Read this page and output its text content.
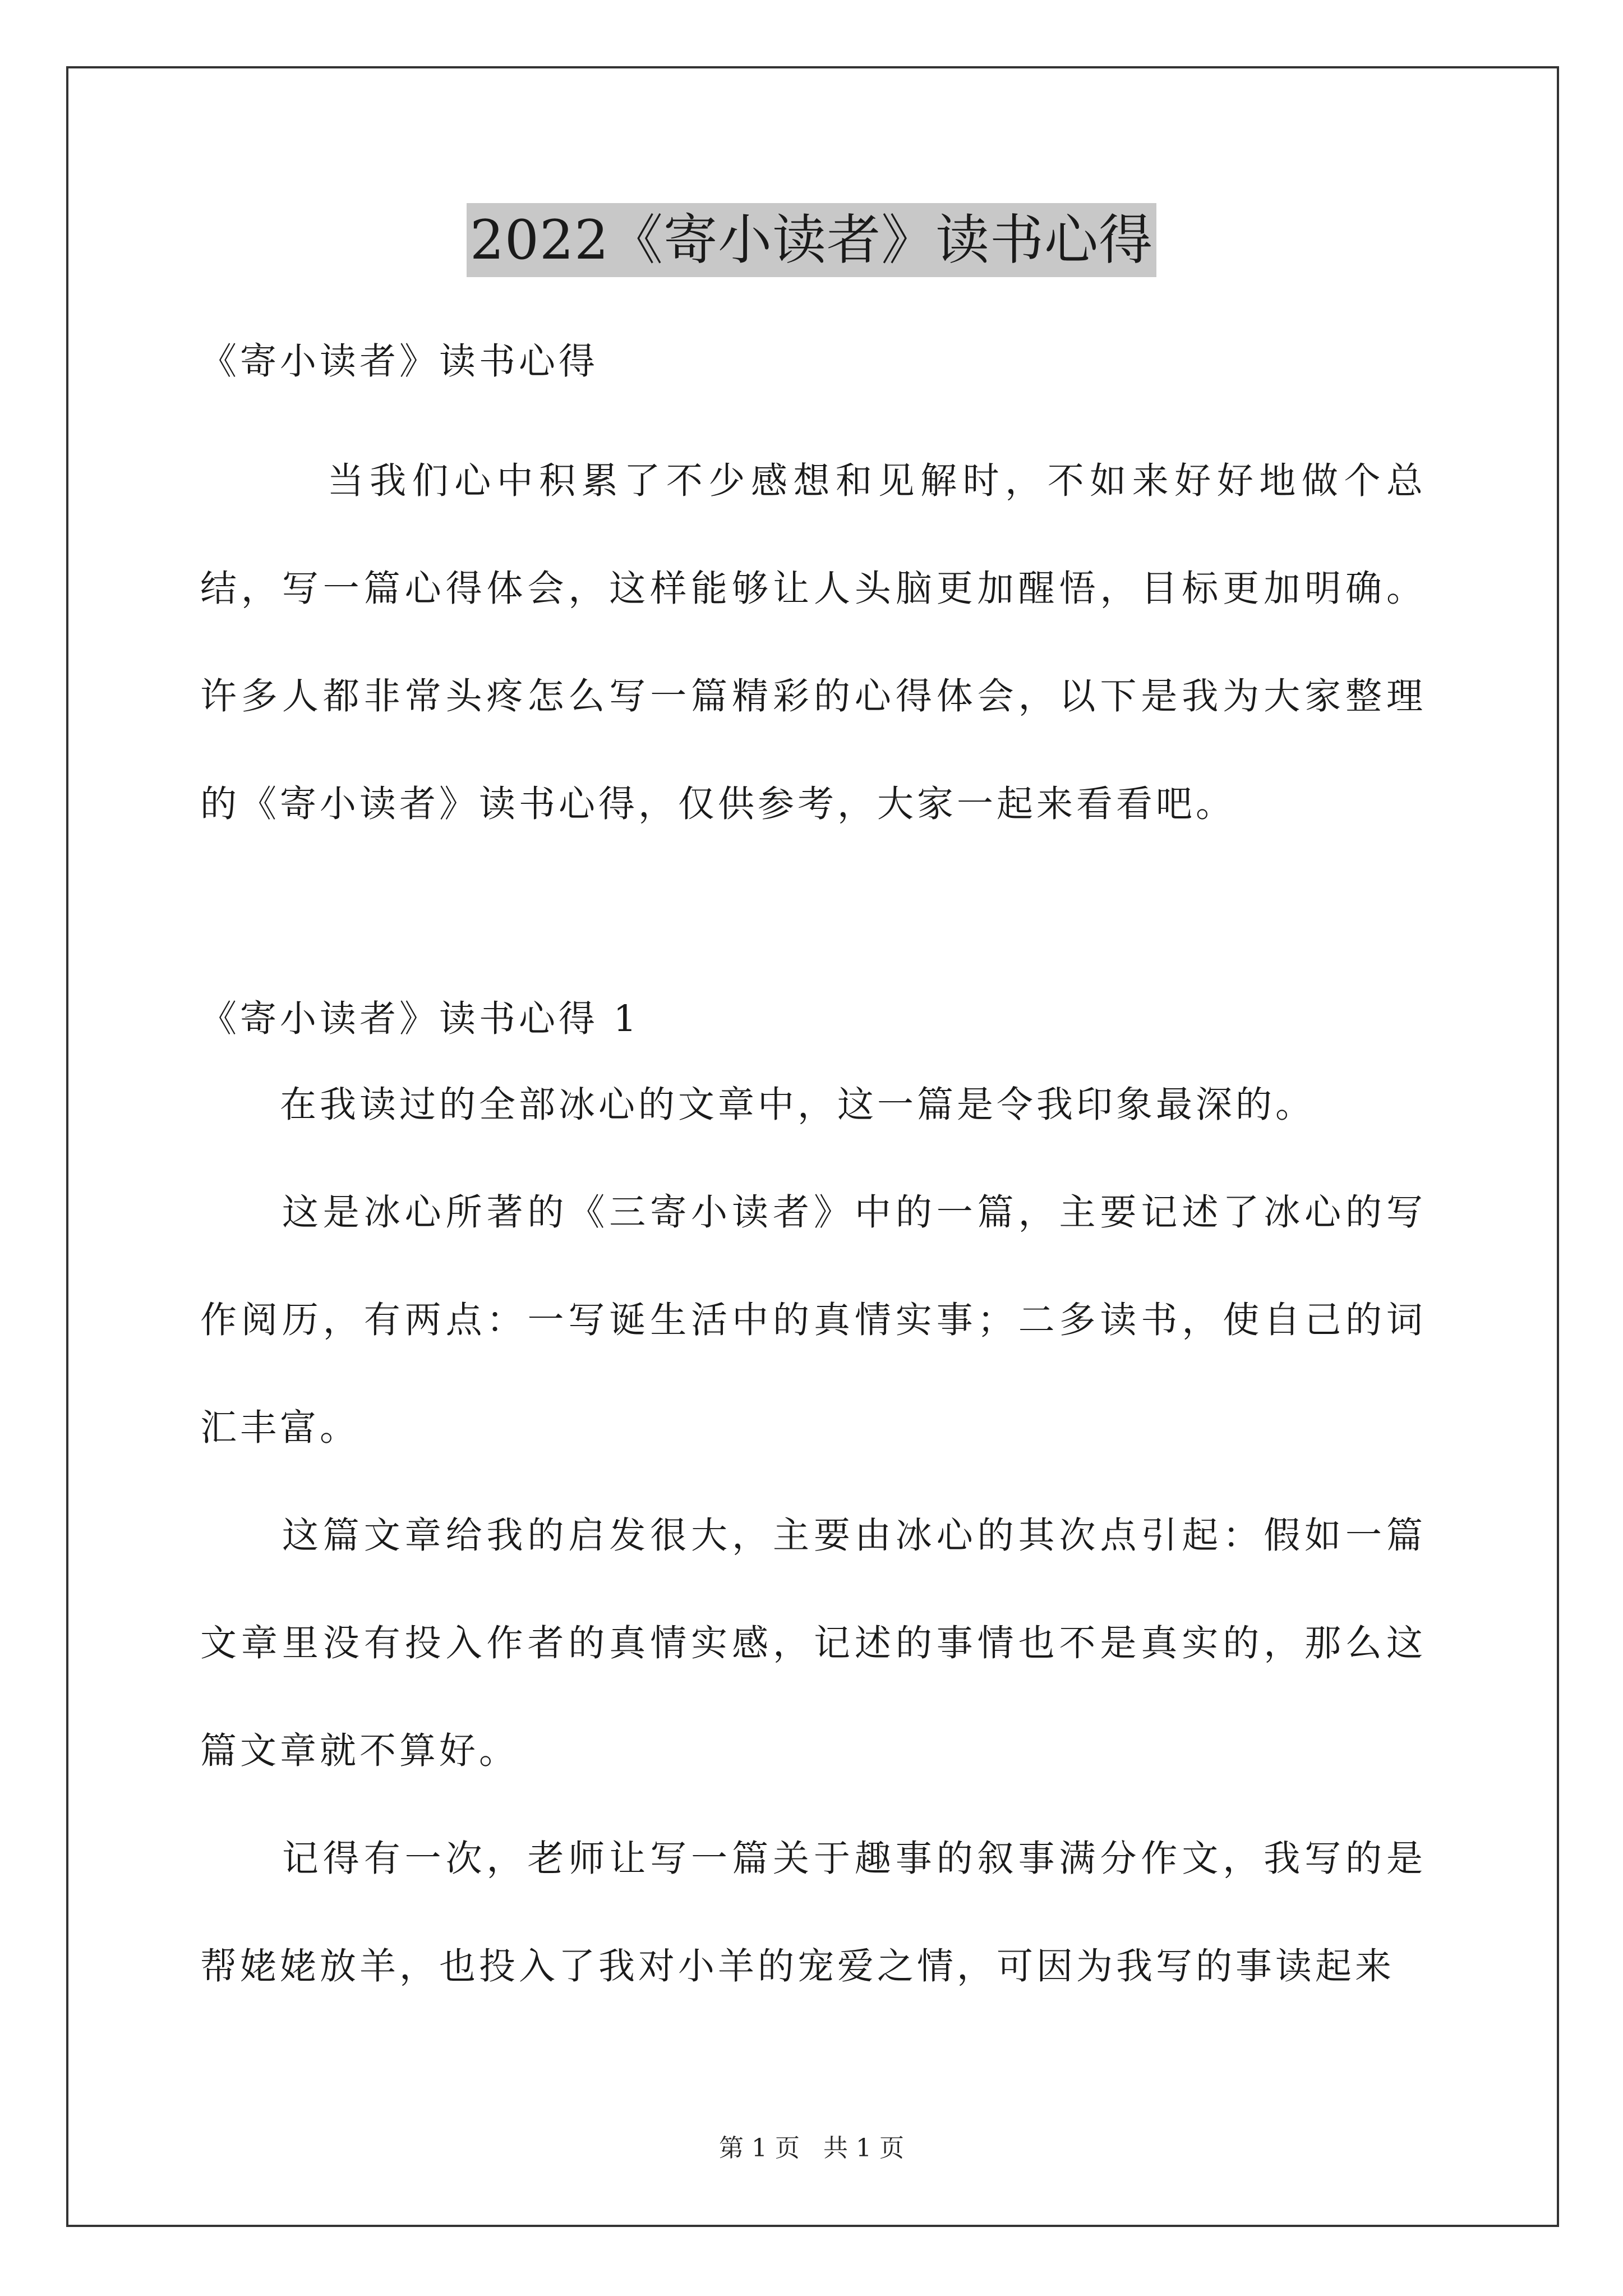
2022《寄小读者》读书心得
《寄小读者》读书心得
　　　当我们心中积累了不少感想和见解时，不如来好好地做个总结，写一篇心得体会，这样能够让人头脑更加醒悟，目标更加明确。许多人都非常头疼怎么写一篇精彩的心得体会，以下是我为大家整理的《寄小读者》读书心得，仅供参考，大家一起来看看吧。
《寄小读者》读书心得 1
　　在我读过的全部冰心的文章中，这一篇是令我印象最深的。
　　这是冰心所著的《三寄小读者》中的一篇，主要记述了冰心的写作阅历，有两点：一写诞生活中的真情实事；二多读书，使自己的词汇丰富。
　　这篇文章给我的启发很大，主要由冰心的其次点引起：假如一篇文章里没有投入作者的真情实感，记述的事情也不是真实的，那么这篇文章就不算好。
　　记得有一次，老师让写一篇关于趣事的叙事满分作文，我写的是帮姥姥放羊，也投入了我对小羊的宠爱之情，可因为我写的事读起来
第 1 页 共 1 页
